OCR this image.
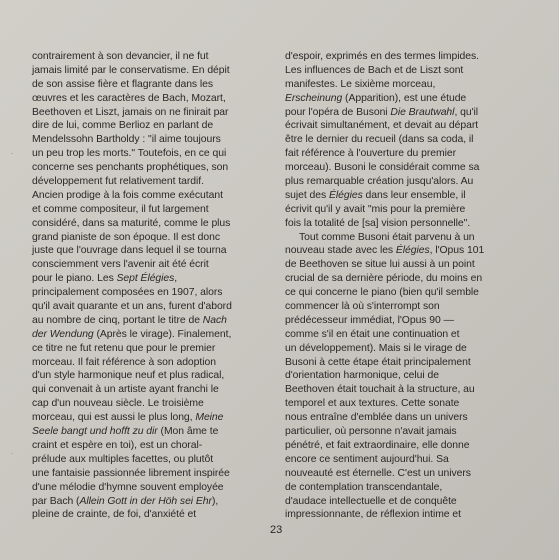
contrairement à son devancier, il ne fut
jamais limité par le conservatisme. En dépit
de son assise fière et flagrante dans les
œuvres et les caractères de Bach, Mozart,
Beethoven et Liszt, jamais on ne finirait par
dire de lui, comme Berlioz en parlant de
Mendelssohn Bartholdy : "il aime toujours
un peu trop les morts." Toutefois, en ce qui
concerne ses penchants prophétiques, son
développement fut relativement tardif.
Ancien prodige à la fois comme exécutant
et comme compositeur, il fut largement
considéré, dans sa maturité, comme le plus
grand pianiste de son époque. Il est donc
juste que l'ouvrage dans lequel il se tourna
consciemment vers l'avenir ait été écrit
pour le piano. Les Sept Élégies,
principalement composées en 1907, alors
qu'il avait quarante et un ans, furent d'abord
au nombre de cinq, portant le titre de Nach
der Wendung (Après le virage). Finalement,
ce titre ne fut retenu que pour le premier
morceau. Il fait référence à son adoption
d'un style harmonique neuf et plus radical,
qui convenait à un artiste ayant franchi le
cap d'un nouveau siècle. Le troisième
morceau, qui est aussi le plus long, Meine
Seele bangt und hofft zu dir (Mon âme te
craint et espère en toi), est un choral-
prélude aux multiples facettes, ou plutôt
une fantaisie passionnée librement inspirée
d'une mélodie d'hymne souvent employée
par Bach (Allein Gott in der Höh sei Ehr),
pleine de crainte, de foi, d'anxiété et
d'espoir, exprimés en des termes limpides.
Les influences de Bach et de Liszt sont
manifestes. Le sixième morceau,
Erscheinung (Apparition), est une étude
pour l'opéra de Busoni Die Brautwahl, qu'il
écrivait simultanément, et devait au départ
être le dernier du recueil (dans sa coda, il
fait référence à l'ouverture du premier
morceau). Busoni le considérait comme sa
plus remarquable création jusqu'alors. Au
sujet des Élégies dans leur ensemble, il
écrivit qu'il y avait "mis pour la première
fois la totalité de [sa] vision personnelle".
Tout comme Busoni était parvenu à un
nouveau stade avec les Élégies, l'Opus 101
de Beethoven se situe lui aussi à un point
crucial de sa dernière période, du moins en
ce qui concerne le piano (bien qu'il semble
commencer là où s'interrompt son
prédécesseur immédiat, l'Opus 90 —
comme s'il en était une continuation et
un développement). Mais si le virage de
Busoni à cette étape était principalement
d'orientation harmonique, celui de
Beethoven était touchait à la structure, au
temporel et aux textures. Cette sonate
nous entraîne d'emblée dans un univers
particulier, où personne n'avait jamais
pénétré, et fait extraordinaire, elle donne
encore ce sentiment aujourd'hui. Sa
nouveauté est éternelle. C'est un univers
de contemplation transcendantale,
d'audace intellectuelle et de conquête
impressionnante, de réflexion intime et
23
˙
˙
